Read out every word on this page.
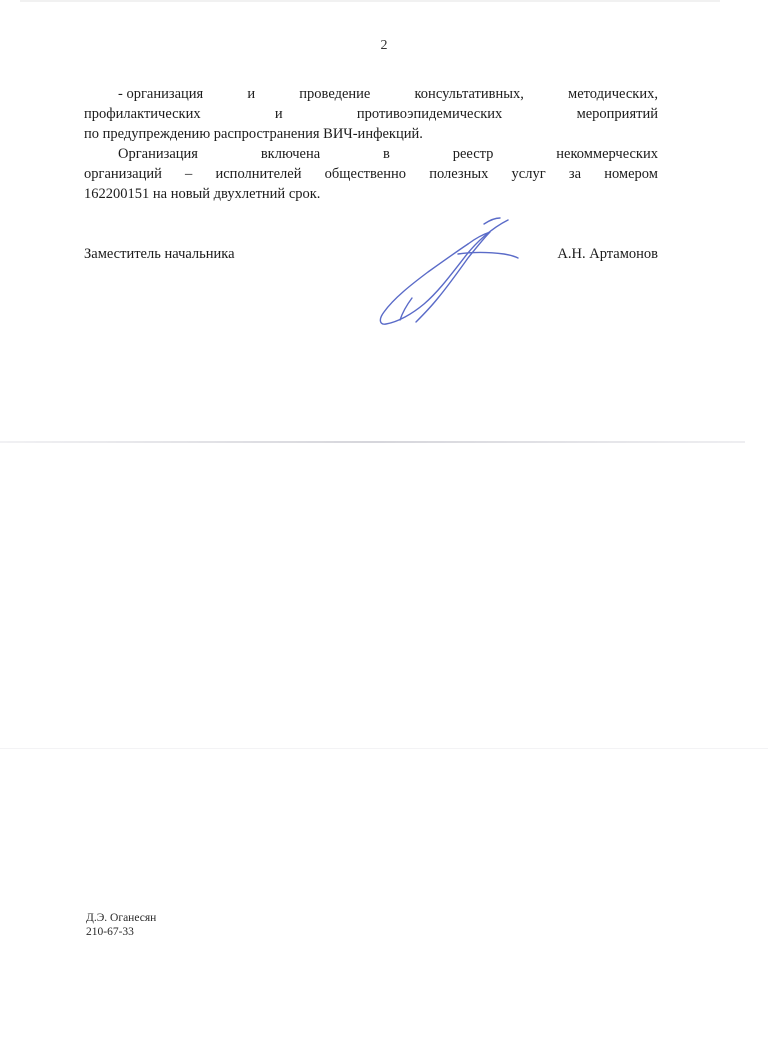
2
- организация	и	проведение	консультативных,	методических,
профилактических	и	противоэпидемических	мероприятий
по предупреждению распространения ВИЧ-инфекций.
Организация	включена	в	реестр	некоммерческих
организаций – исполнителей общественно полезных услуг за номером
162200151 на новый двухлетний срок.
Заместитель начальника	А.Н. Артамонов
Д.Э. Оганесян
210-67-33
